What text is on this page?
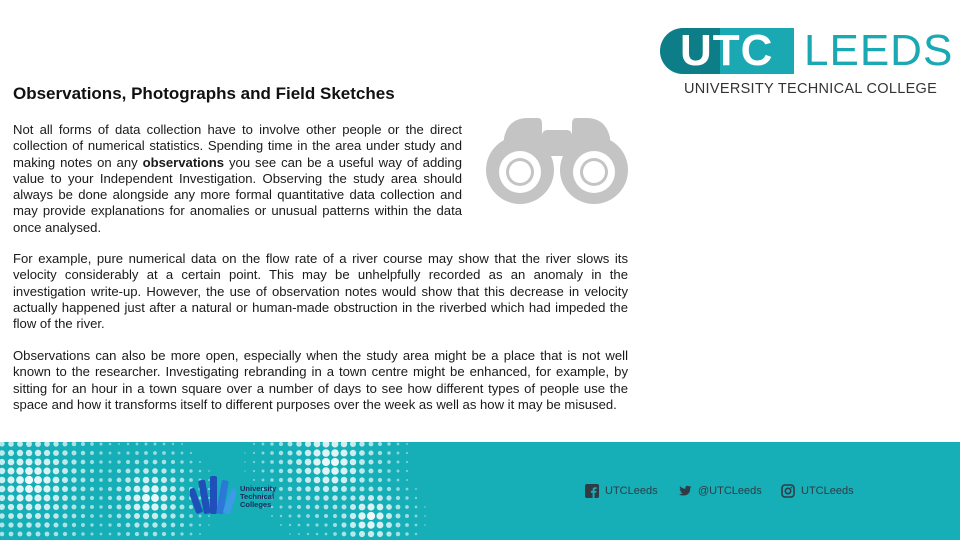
UTC LEEDS
UNIVERSITY TECHNICAL COLLEGE
Observations, Photographs and Field Sketches

Not all forms of data collection have to involve other people or the direct collection of numerical statistics. Spending time in the area under study and making notes on any observations you see can be a useful way of adding value to your Independent Investigation. Observing the study area should always be done alongside any more formal quantitative data collection and may provide explanations for anomalies or unusual patterns within the data once analysed.

For example, pure numerical data on the flow rate of a river course may show that the river slows its velocity considerably at a certain point. This may be unhelpfully recorded as an anomaly in the investigation write-up. However, the use of observation notes would show that this decrease in velocity actually happened just after a natural or human-made obstruction in the riverbed which had impeded the flow of the river.

Observations can also be more open, especially when the study area might be a place that is not well known to the researcher. Investigating rebranding in a town centre might be enhanced, for example, by sitting for an hour in a town square over a number of days to see how different types of people use the space and how it transforms itself to different purposes over the week as well as how it may be misused.

University
Technical
Colleges
UTCLeeds	@UTCLeeds	UTCLeeds
